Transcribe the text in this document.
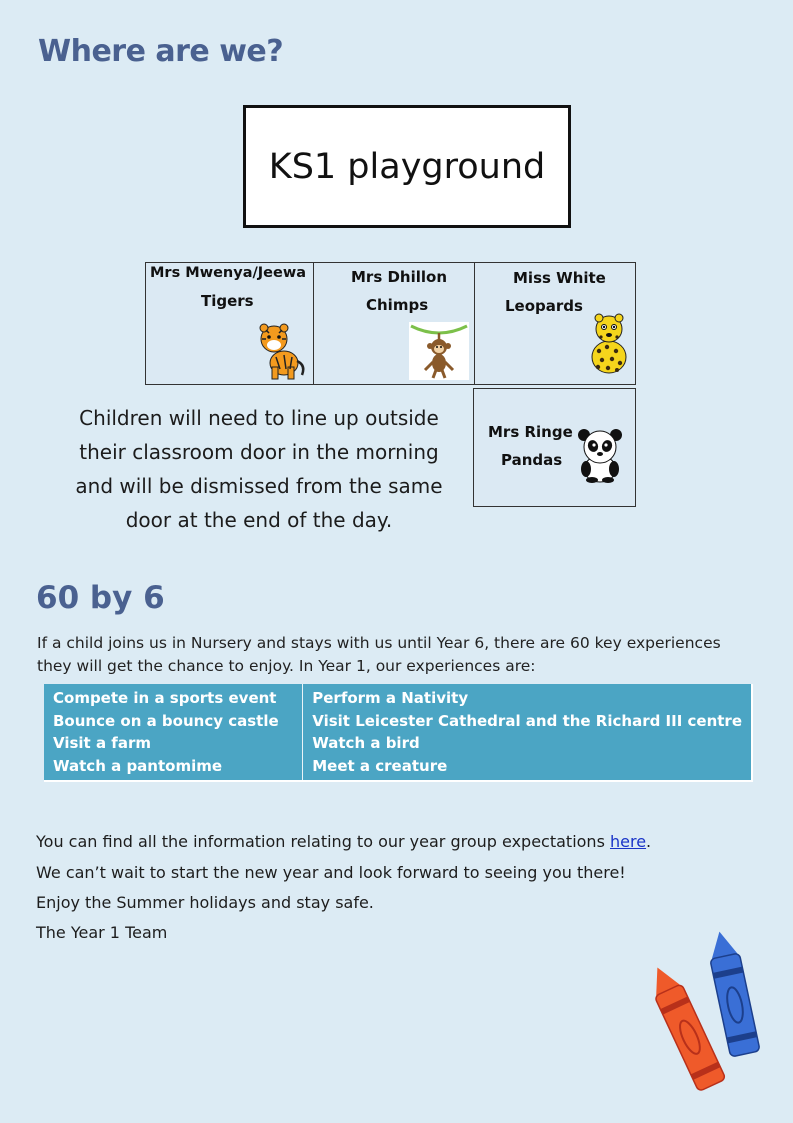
Where are we?
KS1 playground
Mrs Mwenya/Jeewa
Tigers
Mrs Dhillon
Chimps
Miss White
Leopards
Mrs Ringe
Pandas

Children will need to line up outside their classroom door in the morning and will be dismissed from the same door at the end of the day.

60 by 6

If a child joins us in Nursery and stays with us until Year 6, there are 60 key experiences they will get the chance to enjoy. In Year 1, our experiences are:

Compete in a sports event
Bounce on a bouncy castle
Visit a farm
Watch a pantomime
Perform a Nativity
Visit Leicester Cathedral and the Richard III centre
Watch a bird
Meet a creature

You can find all the information relating to our year group expectations here.

We can’t wait to start the new year and look forward to seeing you there!

Enjoy the Summer holidays and stay safe.

The Year 1 Team
